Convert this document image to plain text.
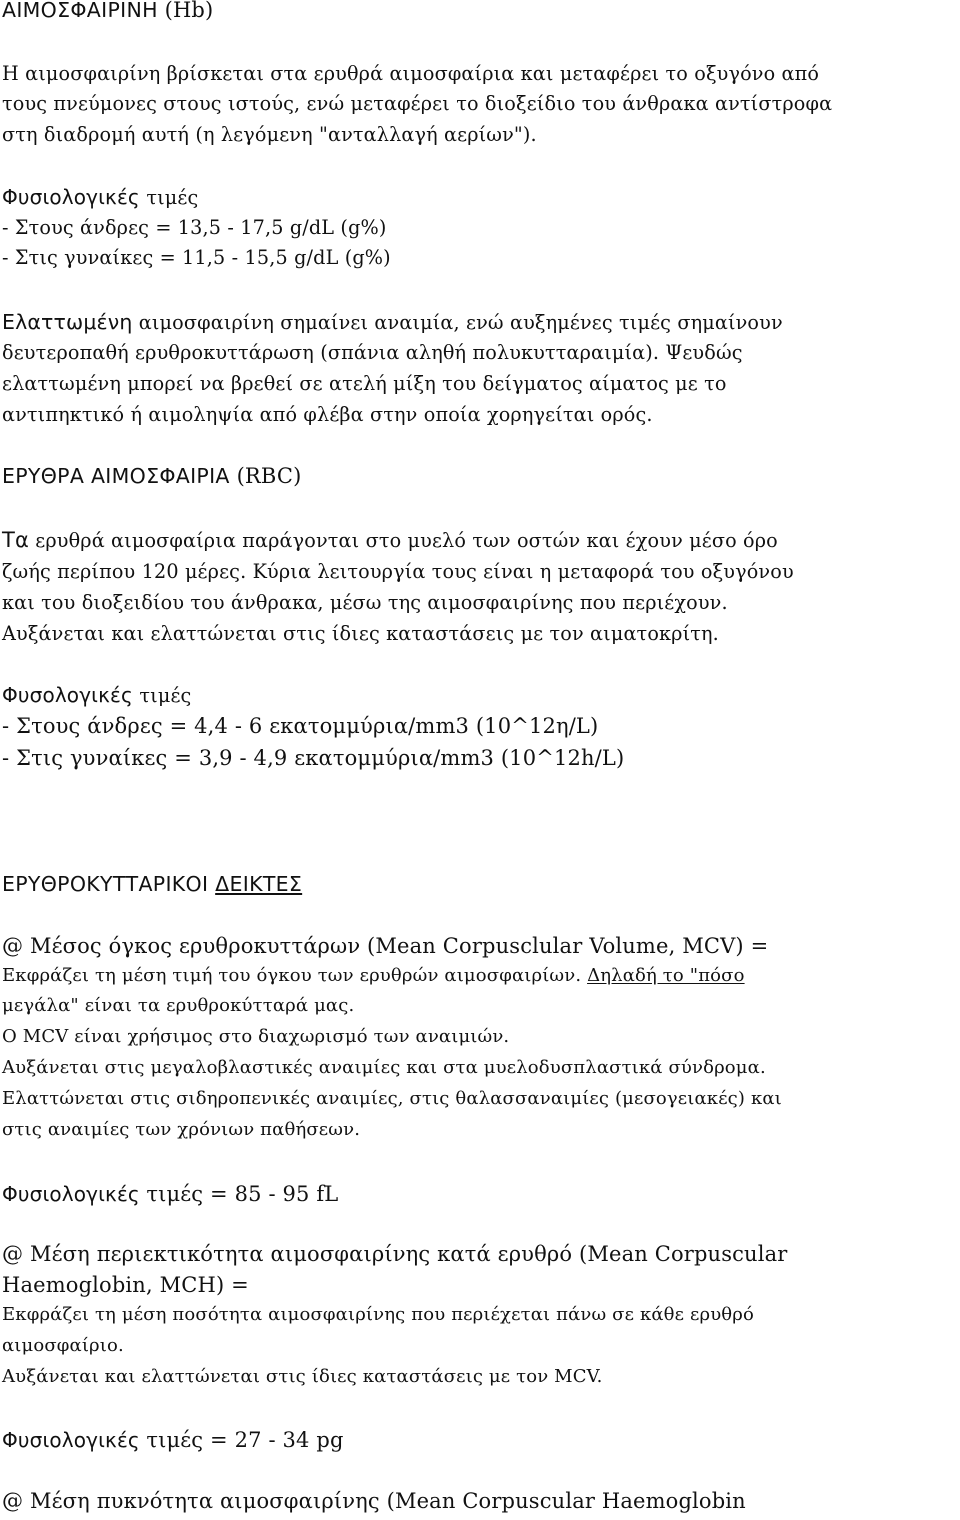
ΑΙΜΟΣΦΑΙΡΙΝΗ (Hb)
Η αιμοσφαιρίνη βρίσκεται στα ερυθρά αιμοσφαίρια και μεταφέρει το οξυγόνο από
τους πνεύμονες στους ιστούς, ενώ μεταφέρει το διοξείδιο του άνθρακα αντίστροφα
στη διαδρομή αυτή (η λεγόμενη "ανταλλαγή αερίων").
Φυσιολογικές τιμές
- Στους άνδρες = 13,5 - 17,5 g/dL (g%)
- Στις γυναίκες = 11,5 - 15,5 g/dL (g%)
Ελαττωμένη αιμοσφαιρίνη σημαίνει αναιμία, ενώ αυξημένες τιμές σημαίνουν
δευτεροπαθή ερυθροκυττάρωση (σπάνια αληθή πολυκυτταραιμία). Ψευδώς
ελαττωμένη μπορεί να βρεθεί σε ατελή μίξη του δείγματος αίματος με το
αντιπηκτικό ή αιμοληψία από φλέβα στην οποία χορηγείται ορός.
ΕΡΥΘΡΑ ΑΙΜΟΣΦΑΙΡΙΑ (RBC)
Τα ερυθρά αιμοσφαίρια παράγονται στο μυελό των οστών και έχουν μέσο όρο
ζωής περίπου 120 μέρες. Κύρια λειτουργία τους είναι η μεταφορά του οξυγόνου
και του διοξειδίου του άνθρακα, μέσω της αιμοσφαιρίνης που περιέχουν.
Αυξάνεται και ελαττώνεται στις ίδιες καταστάσεις με τον αιματοκρίτη.
Φυσολογικές τιμές
- Στους άνδρες = 4,4 - 6 εκατομμύρια/mm3 (10^12η/L)
- Στις γυναίκες = 3,9 - 4,9 εκατομμύρια/mm3 (10^12h/L)
ΕΡΥΘΡΟΚΥΤΤΑΡΙΚΟΙ ΔΕΙΚΤΕΣ
@ Μέσος όγκος ερυθροκυττάρων (Mean Corpusclular Volume, MCV) =
Εκφράζει τη μέση τιμή του όγκου των ερυθρών αιμοσφαιρίων. Δηλαδή το "πόσο
μεγάλα" είναι τα ερυθροκύτταρά μας.
Ο MCV είναι χρήσιμος στο διαχωρισμό των αναιμιών.
Αυξάνεται στις μεγαλοβλαστικές αναιμίες και στα μυελοδυσπλαστικά σύνδρομα.
Ελαττώνεται στις σιδηροπενικές αναιμίες, στις θαλασσαναιμίες (μεσογειακές) και
στις αναιμίες των χρόνιων παθήσεων.
Φυσιολογικές τιμές = 85 - 95 fL
@ Μέση περιεκτικότητα αιμοσφαιρίνης κατά ερυθρό (Mean Corpuscular
Haemoglobin, MCH) =
Εκφράζει τη μέση ποσότητα αιμοσφαιρίνης που περιέχεται πάνω σε κάθε ερυθρό
αιμοσφαίριο.
Αυξάνεται και ελαττώνεται στις ίδιες καταστάσεις με τον MCV.
Φυσιολογικές τιμές = 27 - 34 pg
@ Μέση πυκνότητα αιμοσφαιρίνης (Mean Corpuscular Haemoglobin
